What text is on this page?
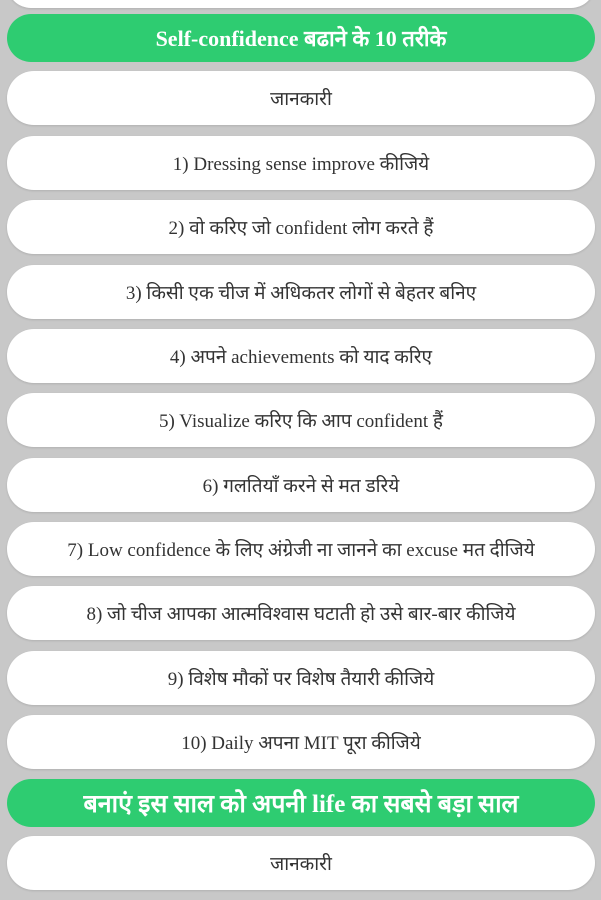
Self-confidence बढाने के 10 तरीके
जानकारी
1) Dressing sense improve कीजिये
2) वो करिए जो confident लोग करते हैं
3) किसी एक चीज में अधिकतर लोगों से बेहतर बनिए
4) अपने achievements को याद करिए
5) Visualize करिए कि आप confident हैं
6) गलतियाँ करने से मत डरिये
7) Low confidence के लिए अंग्रेजी ना जानने का excuse मत दीजिये
8) जो चीज आपका आत्मविश्वास घटाती हो उसे बार-बार कीजिये
9) विशेष मौकों पर विशेष तैयारी कीजिये
10) Daily अपना MIT पूरा कीजिये
बनाएं इस साल को अपनी life का सबसे बड़ा साल
जानकारी
